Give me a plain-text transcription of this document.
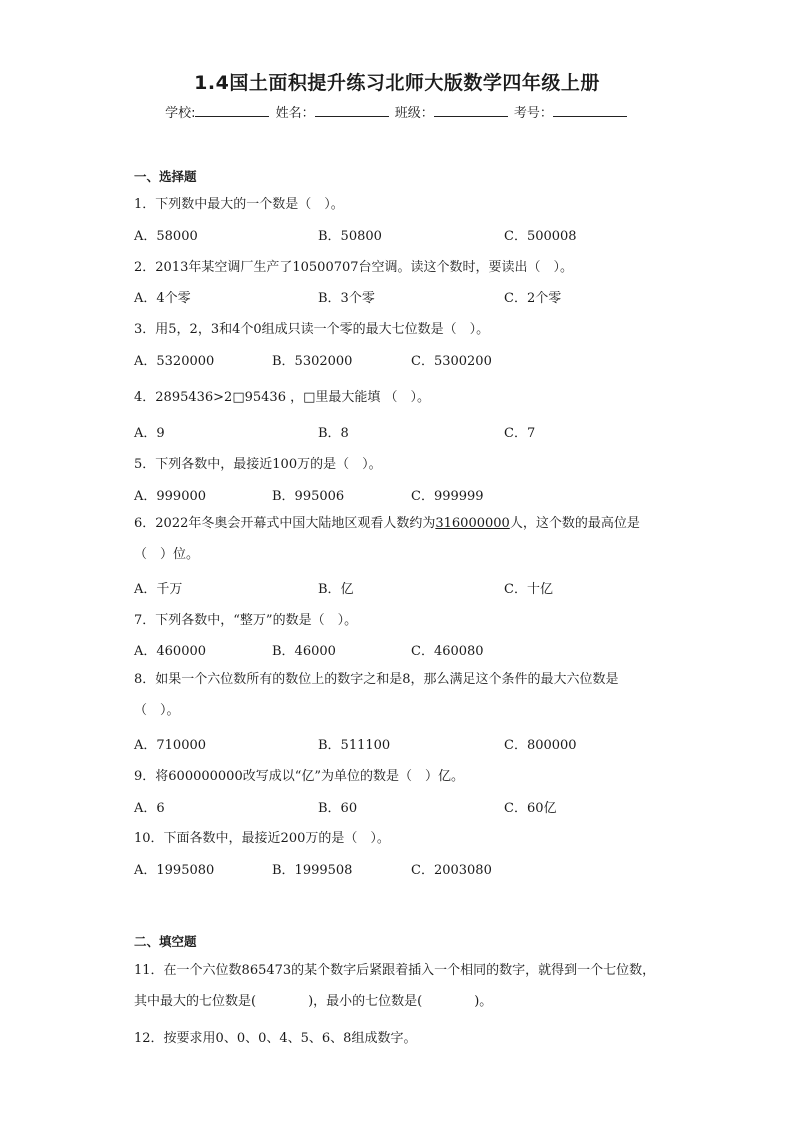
1.4国土面积提升练习北师大版数学四年级上册
学校:	姓名：	班级：	考号：
一、选择题
1．下列数中最大的一个数是（　）。
A．58000	B．50800	C．500008
2．2013年某空调厂生产了10500707台空调。读这个数时，要读出（　）。
A．4个零	B．3个零	C．2个零
3．用5，2，3和4个0组成只读一个零的最大七位数是（　）。
A．5320000	B．5302000	C．5300200
4．2895436>2□95436 ，□里最大能填 （　）。
A．9	B．8	C．7
5．下列各数中，最接近100万的是（　）。
A．999000	B．995006	C．999999
6．2022年冬奥会开幕式中国大陆地区观看人数约为316000000人，这个数的最高位是（　）位。
A．千万	B．亿	C．十亿
7．下列各数中，“整万”的数是（　）。
A．460000	B．46000	C．460080
8．如果一个六位数所有的数位上的数字之和是8，那么满足这个条件的最大六位数是（　）。
A．710000	B．511100	C．800000
9．将600000000改写成以“亿”为单位的数是（　）亿。
A．6	B．60	C．60亿
10．下面各数中，最接近200万的是（　）。
A．1995080	B．1999508	C．2003080
二、填空题
11．在一个六位数865473的某个数字后紧跟着插入一个相同的数字，就得到一个七位数，其中最大的七位数是(　　　　)，最小的七位数是(　　　　)。
12．按要求用0、0、0、4、5、6、8组成数字。
